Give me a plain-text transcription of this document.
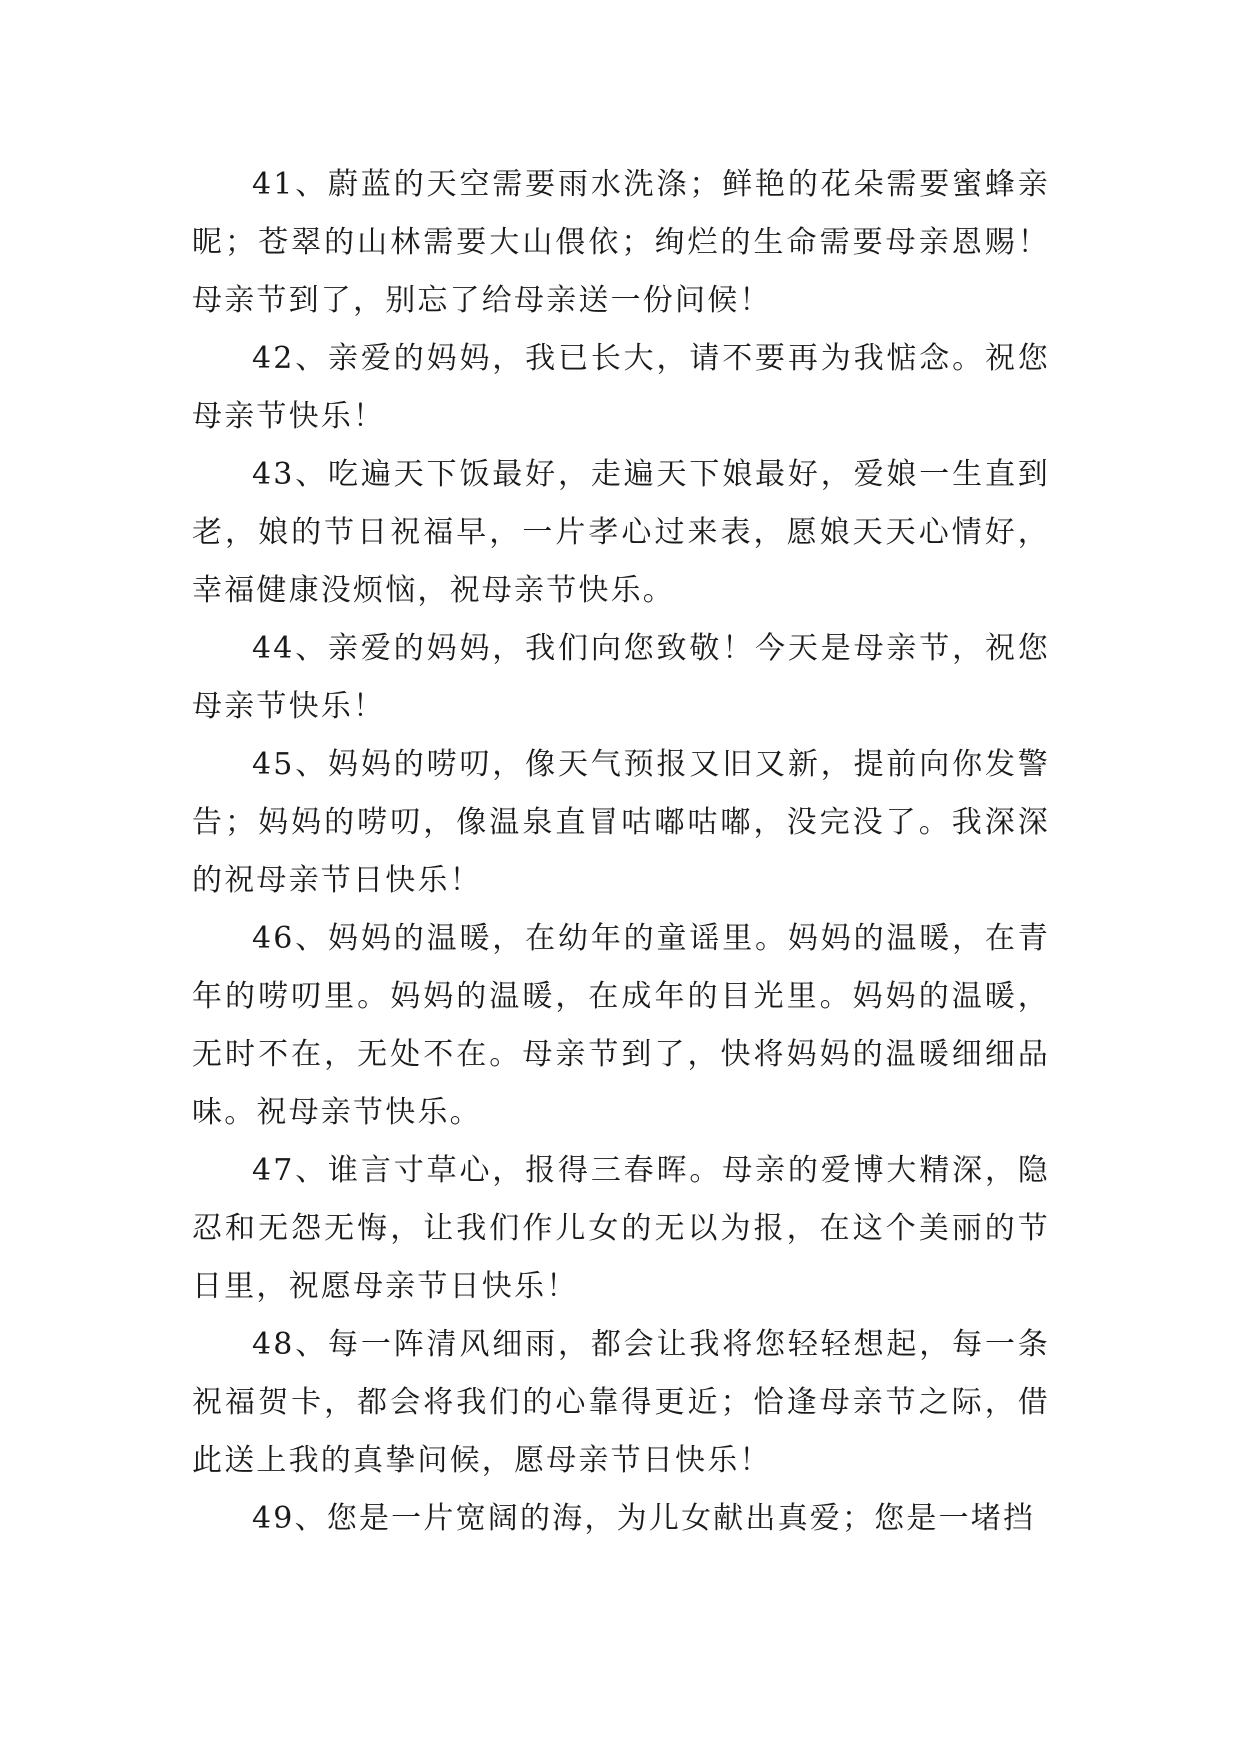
41、蔚蓝的天空需要雨水洗涤；鲜艳的花朵需要蜜蜂亲昵；苍翠的山林需要大山偎依；绚烂的生命需要母亲恩赐！母亲节到了，别忘了给母亲送一份问候！

42、亲爱的妈妈，我已长大，请不要再为我惦念。祝您母亲节快乐！

43、吃遍天下饭最好，走遍天下娘最好，爱娘一生直到老，娘的节日祝福早，一片孝心过来表，愿娘天天心情好，幸福健康没烦恼，祝母亲节快乐。

44、亲爱的妈妈，我们向您致敬！今天是母亲节，祝您母亲节快乐！

45、妈妈的唠叨，像天气预报又旧又新，提前向你发警告；妈妈的唠叨，像温泉直冒咕嘟咕嘟，没完没了。我深深的祝母亲节日快乐！

46、妈妈的温暖，在幼年的童谣里。妈妈的温暖，在青年的唠叨里。妈妈的温暖，在成年的目光里。妈妈的温暖，无时不在，无处不在。母亲节到了，快将妈妈的温暖细细品味。祝母亲节快乐。

47、谁言寸草心，报得三春晖。母亲的爱博大精深，隐忍和无怨无悔，让我们作儿女的无以为报，在这个美丽的节日里，祝愿母亲节日快乐！

48、每一阵清风细雨，都会让我将您轻轻想起，每一条祝福贺卡，都会将我们的心靠得更近；恰逢母亲节之际，借此送上我的真挚问候，愿母亲节日快乐！

49、您是一片宽阔的海，为儿女献出真爱；您是一堵挡
